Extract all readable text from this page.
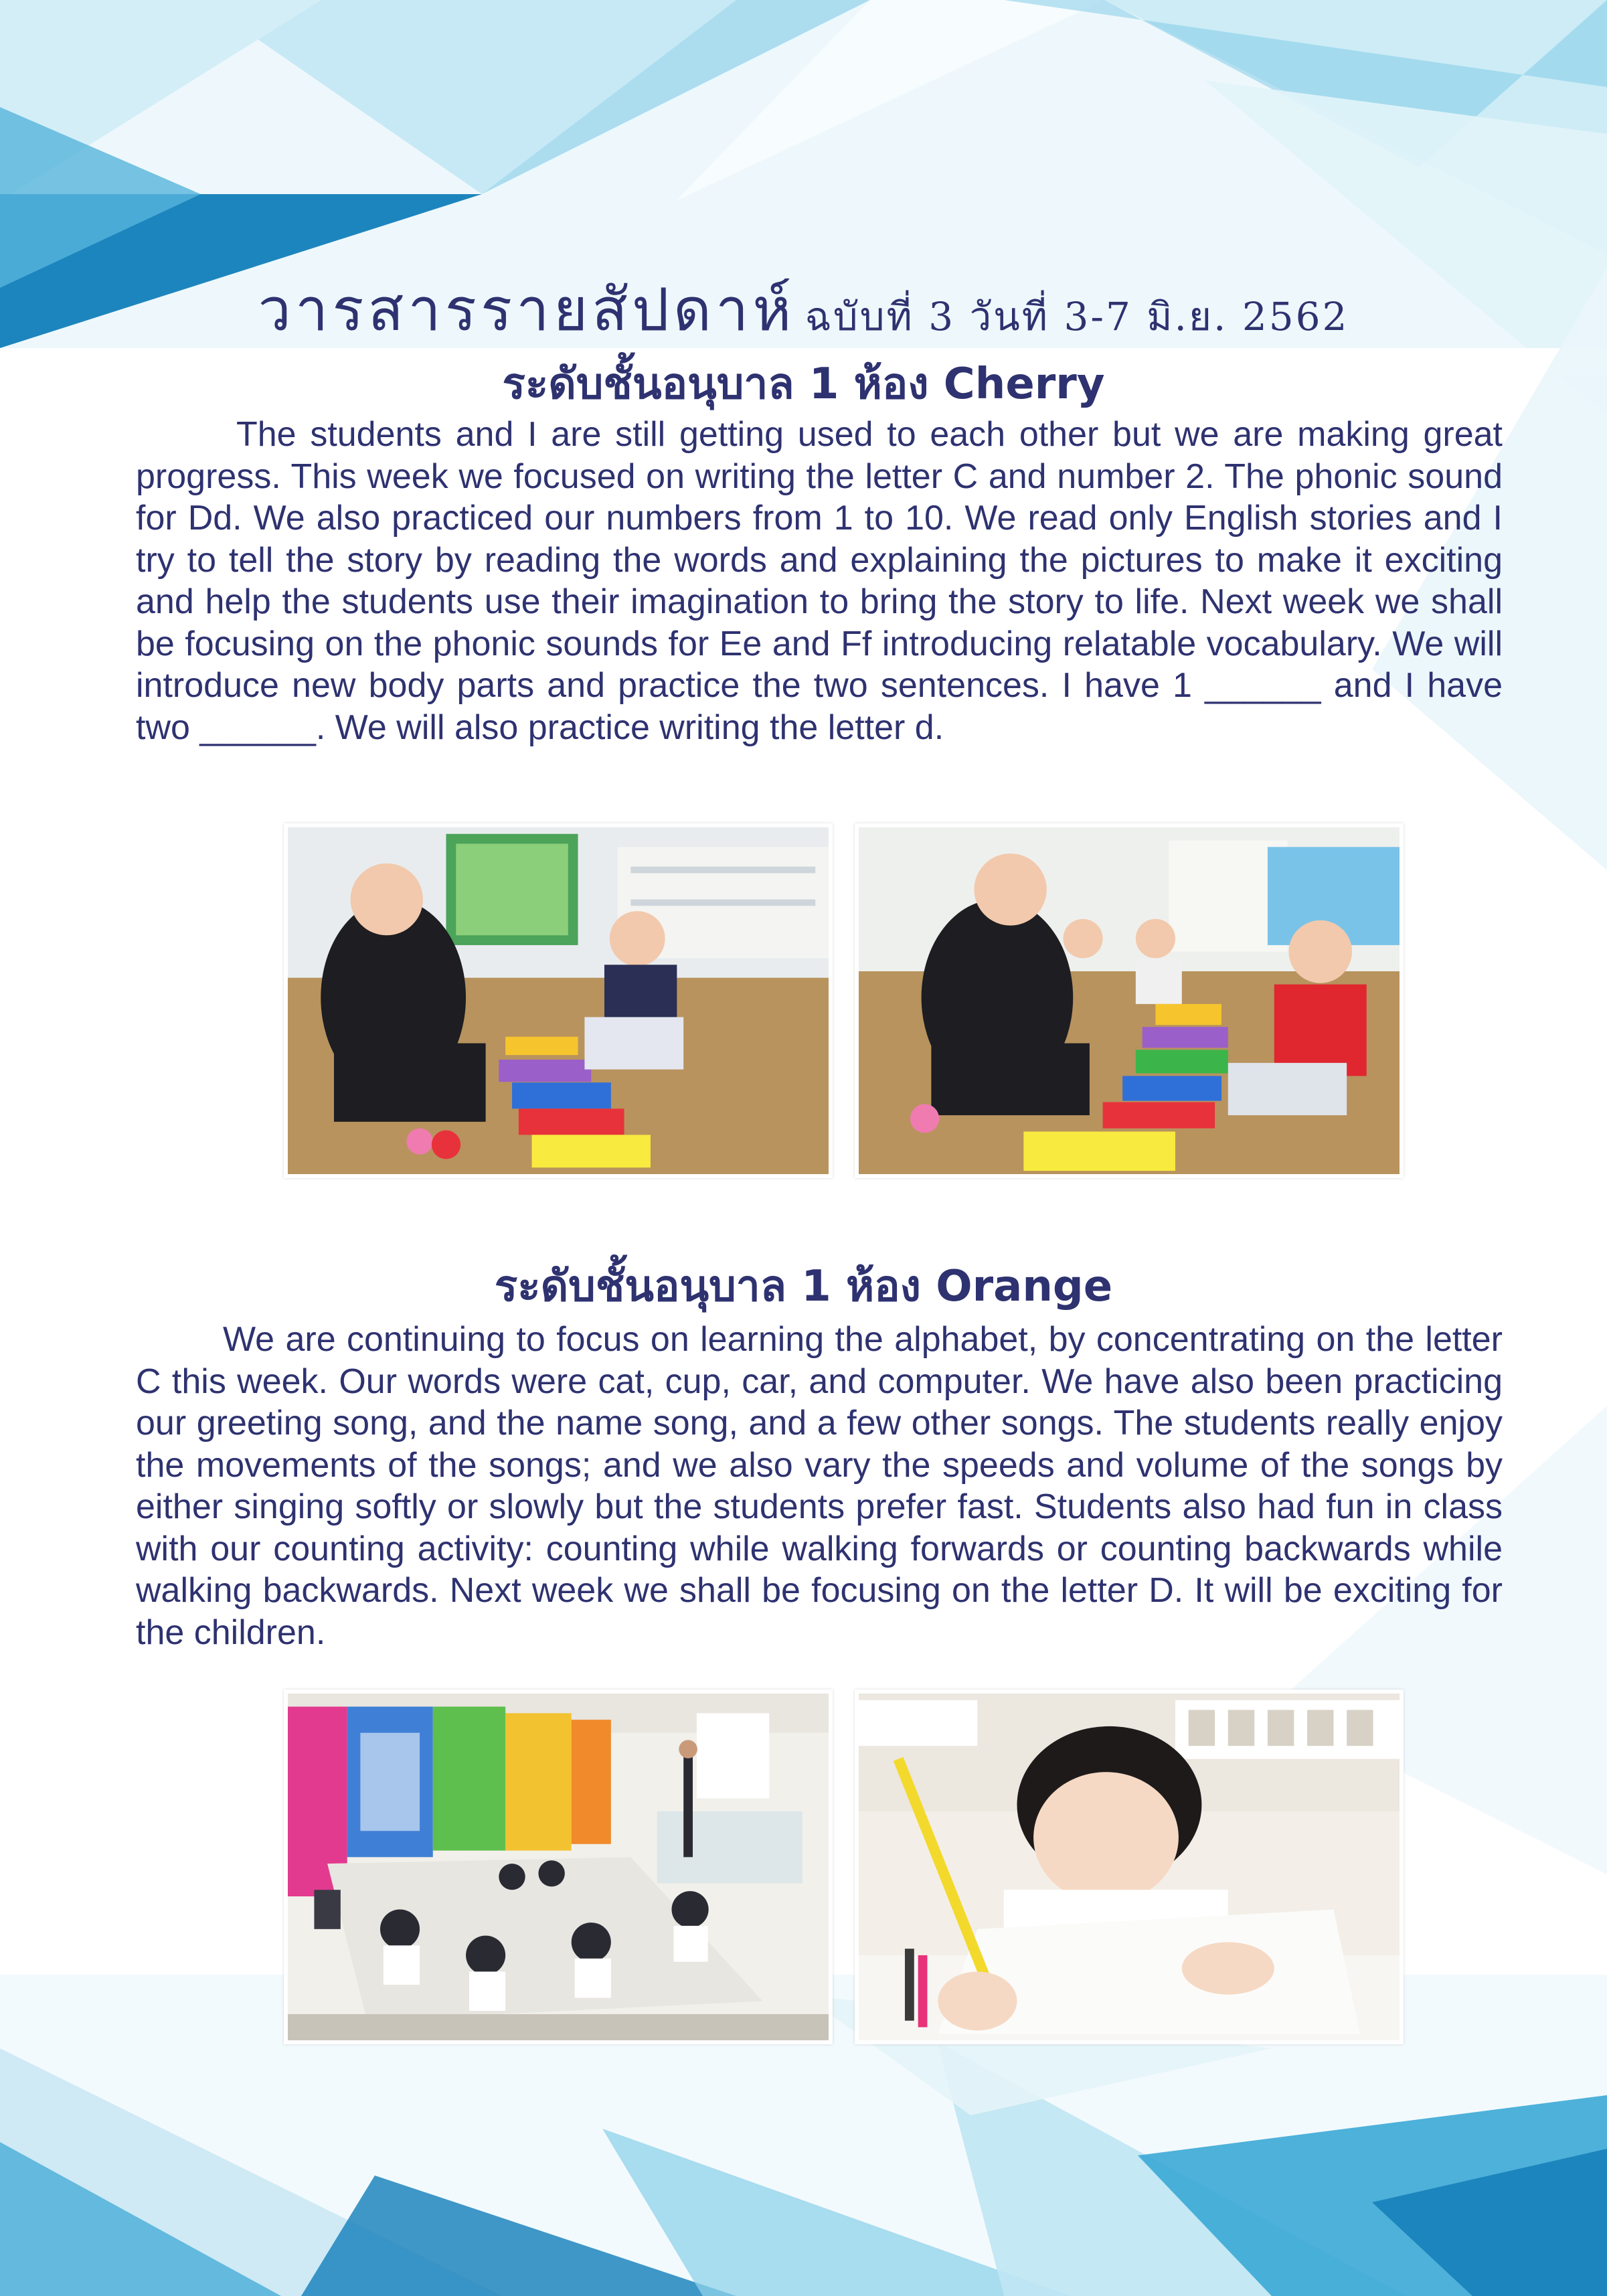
วารสารรายสัปดาห์ ฉบับที่ 3 วันที่ 3-7 มิ.ย. 2562
ระดับชั้นอนุบาล 1 ห้อง Cherry

The students and I are still getting used to each other but we are making great progress. This week we focused on writing the letter C and number 2. The phonic sound for Dd. We also practiced our numbers from 1 to 10. We read only English stories and I try to tell the story by reading the words and explaining the pictures to make it exciting and help the students use their imagination to bring the story to life. Next week we shall be focusing on the phonic sounds for Ee and Ff introducing relatable vocabulary. We will introduce new body parts and practice the two sentences. I have 1 ______ and I have two ______. We will also practice writing the letter d.

ระดับชั้นอนุบาล 1 ห้อง Orange

We are continuing to focus on learning the alphabet, by concentrating on the letter C this week. Our words were cat, cup, car, and computer. We have also been practicing our greeting song, and the name song, and a few other songs. The students really enjoy the movements of the songs; and we also vary the speeds and volume of the songs by either singing softly or slowly but the students prefer fast. Students also had fun in class with our counting activity: counting while walking forwards or counting backwards while walking backwards. Next week we shall be focusing on the letter D. It will be exciting for the children.
